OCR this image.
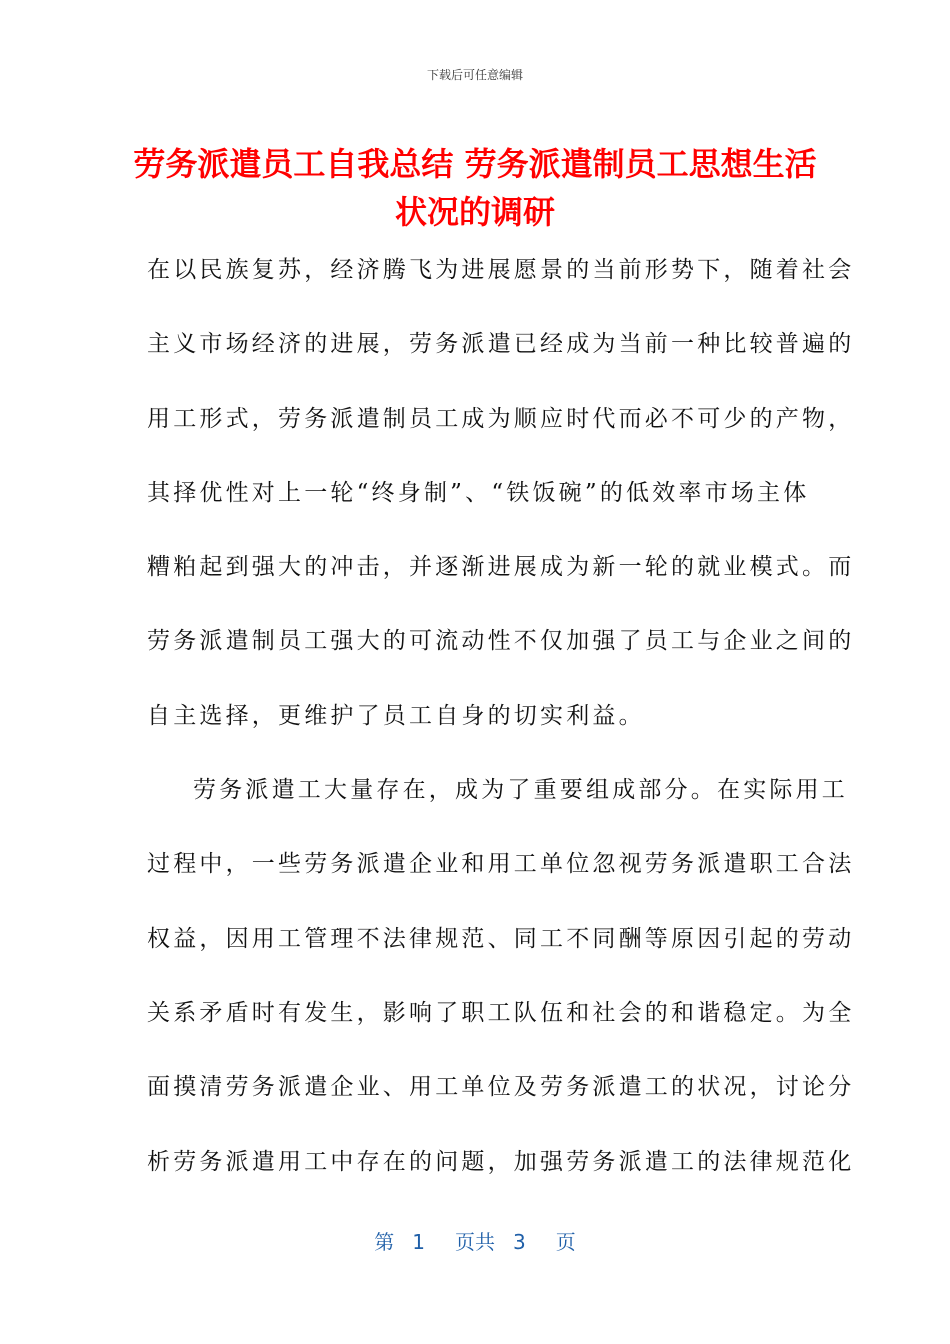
下载后可任意编辑
劳务派遣员工自我总结 劳务派遣制员工思想生活状况的调研
在以民族复苏，经济腾飞为进展愿景的当前形势下，随着社会
主义市场经济的进展，劳务派遣已经成为当前一种比较普遍的
用工形式，劳务派遣制员工成为顺应时代而必不可少的产物，
其择优性对上一轮“终身制”、“铁饭碗”的低效率市场主体
糟粕起到强大的冲击，并逐渐进展成为新一轮的就业模式。而
劳务派遣制员工强大的可流动性不仅加强了员工与企业之间的
自主选择，更维护了员工自身的切实利益。
劳务派遣工大量存在，成为了重要组成部分。在实际用工
过程中，一些劳务派遣企业和用工单位忽视劳务派遣职工合法
权益，因用工管理不法律规范、同工不同酬等原因引起的劳动
关系矛盾时有发生，影响了职工队伍和社会的和谐稳定。为全
面摸清劳务派遣企业、用工单位及劳务派遣工的状况，讨论分
析劳务派遣用工中存在的问题，加强劳务派遣工的法律规范化
第 1 页共 3 页
